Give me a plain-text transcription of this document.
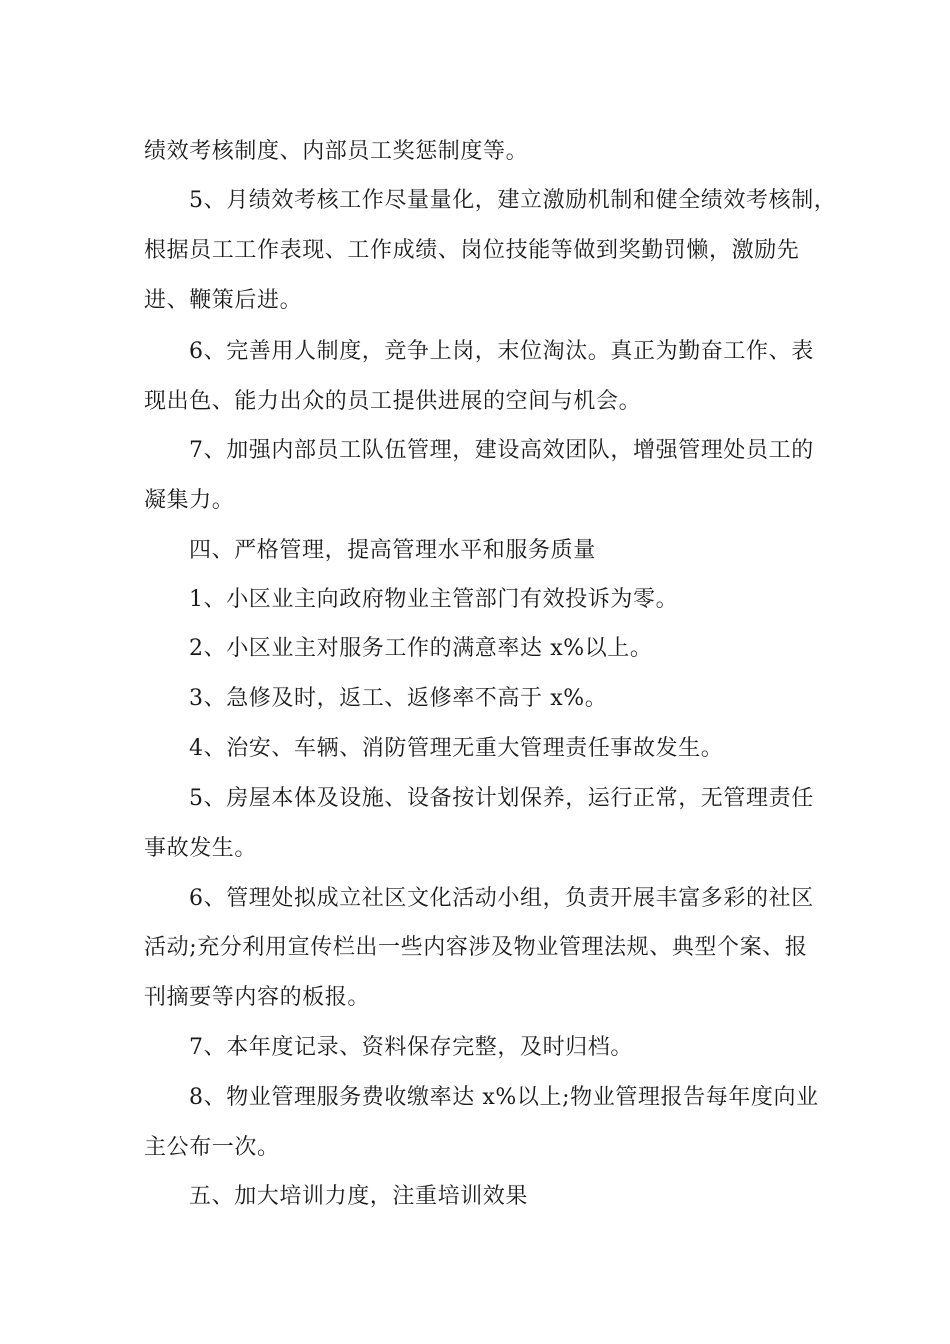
绩效考核制度、内部员工奖惩制度等。
5、月绩效考核工作尽量量化，建立激励机制和健全绩效考核制，
根据员工工作表现、工作成绩、岗位技能等做到奖勤罚懒，激励先
进、鞭策后进。
6、完善用人制度，竞争上岗，末位淘汰。真正为勤奋工作、表
现出色、能力出众的员工提供进展的空间与机会。
7、加强内部员工队伍管理，建设高效团队，增强管理处员工的
凝集力。
四、严格管理，提高管理水平和服务质量
1、小区业主向政府物业主管部门有效投诉为零。
2、小区业主对服务工作的满意率达 x%以上。
3、急修及时，返工、返修率不高于 x%。
4、治安、车辆、消防管理无重大管理责任事故发生。
5、房屋本体及设施、设备按计划保养，运行正常，无管理责任
事故发生。
6、管理处拟成立社区文化活动小组，负责开展丰富多彩的社区
活动;充分利用宣传栏出一些内容涉及物业管理法规、典型个案、报
刊摘要等内容的板报。
7、本年度记录、资料保存完整，及时归档。
8、物业管理服务费收缴率达 x%以上;物业管理报告每年度向业
主公布一次。
五、加大培训力度，注重培训效果
